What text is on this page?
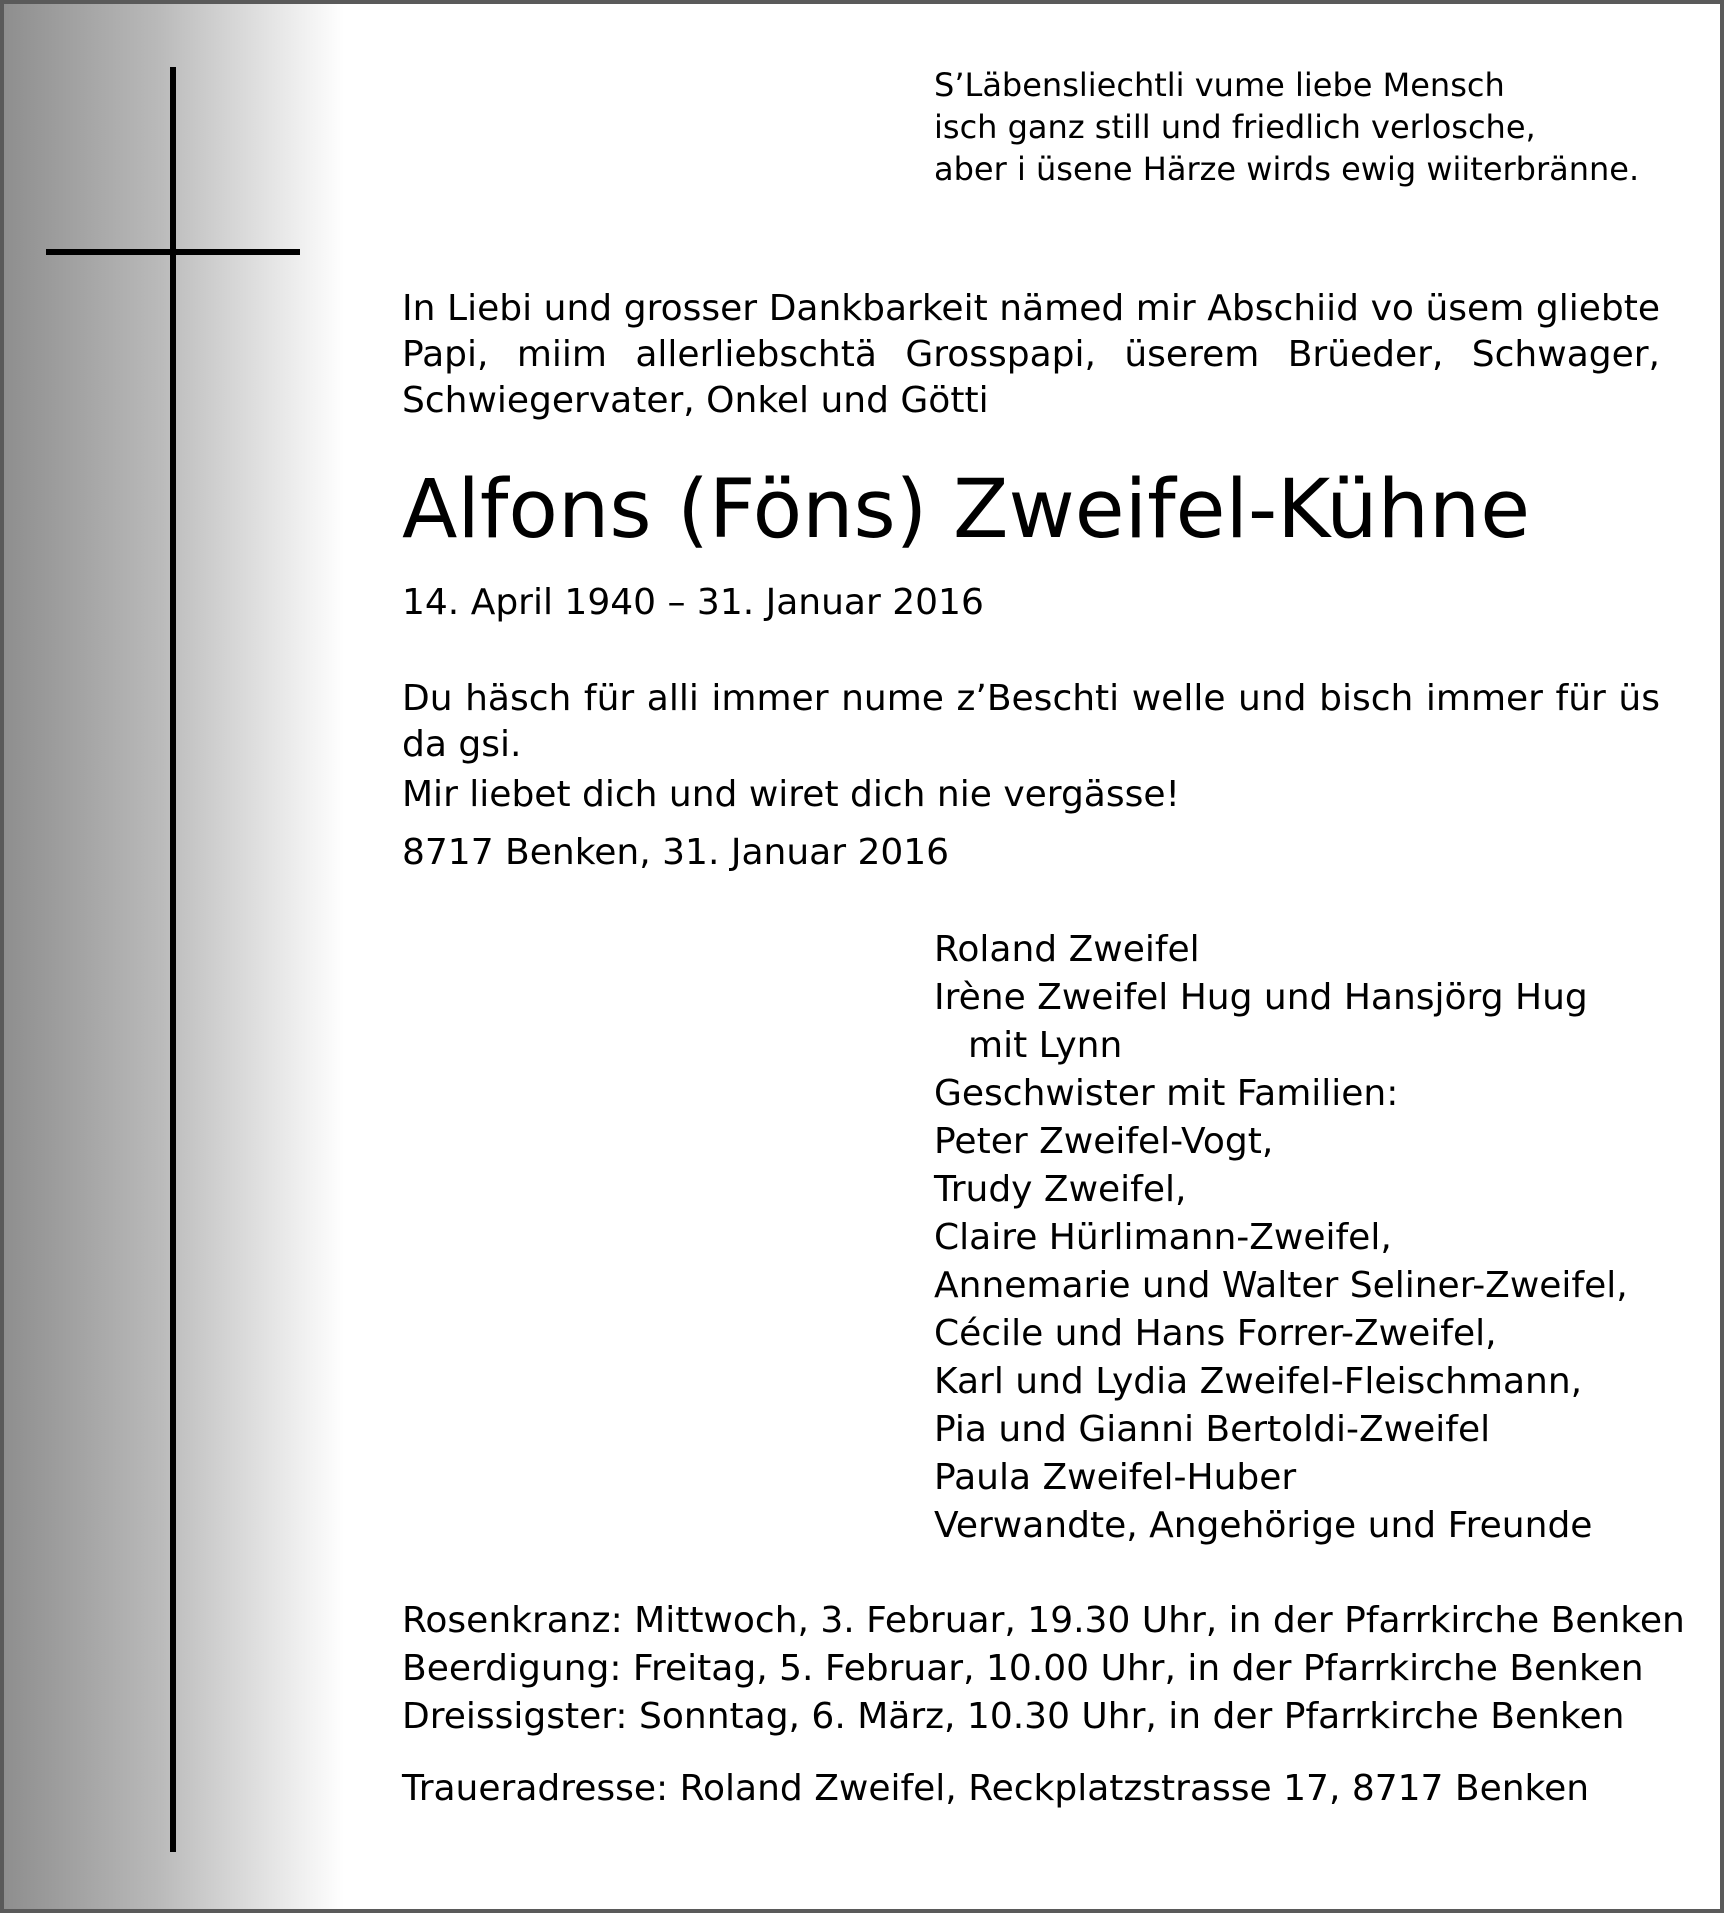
S’Läbensliechtli vume liebe Mensch
isch ganz still und friedlich verlosche,
aber i üsene Härze wirds ewig wiiterbränne.

In Liebi und grosser Dankbarkeit nämed mir Abschiid vo üsem gliebte Papi, miim allerliebschtä Grosspapi, üserem Brüeder, Schwager, Schwiegervater, Onkel und Götti

Alfons (Föns) Zweifel-Kühne
14. April 1940 – 31. Januar 2016

Du häsch für alli immer nume z’Beschti welle und bisch immer für üs da gsi.

Mir liebet dich und wiret dich nie vergässe!
8717 Benken, 31. Januar 2016
Roland Zweifel
Irène Zweifel Hug und Hansjörg Hug
mit Lynn
Geschwister mit Familien:
Peter Zweifel-Vogt,
Trudy Zweifel,
Claire Hürlimann-Zweifel,
Annemarie und Walter Seliner-Zweifel,
Cécile und Hans Forrer-Zweifel,
Karl und Lydia Zweifel-Fleischmann,
Pia und Gianni Bertoldi-Zweifel
Paula Zweifel-Huber
Verwandte, Angehörige und Freunde
Rosenkranz: Mittwoch, 3. Februar, 19.30 Uhr, in der Pfarrkirche Benken
Beerdigung: Freitag, 5. Februar, 10.00 Uhr, in der Pfarrkirche Benken
Dreissigster: Sonntag, 6. März, 10.30 Uhr, in der Pfarrkirche Benken
Traueradresse: Roland Zweifel, Reckplatzstrasse 17, 8717 Benken
